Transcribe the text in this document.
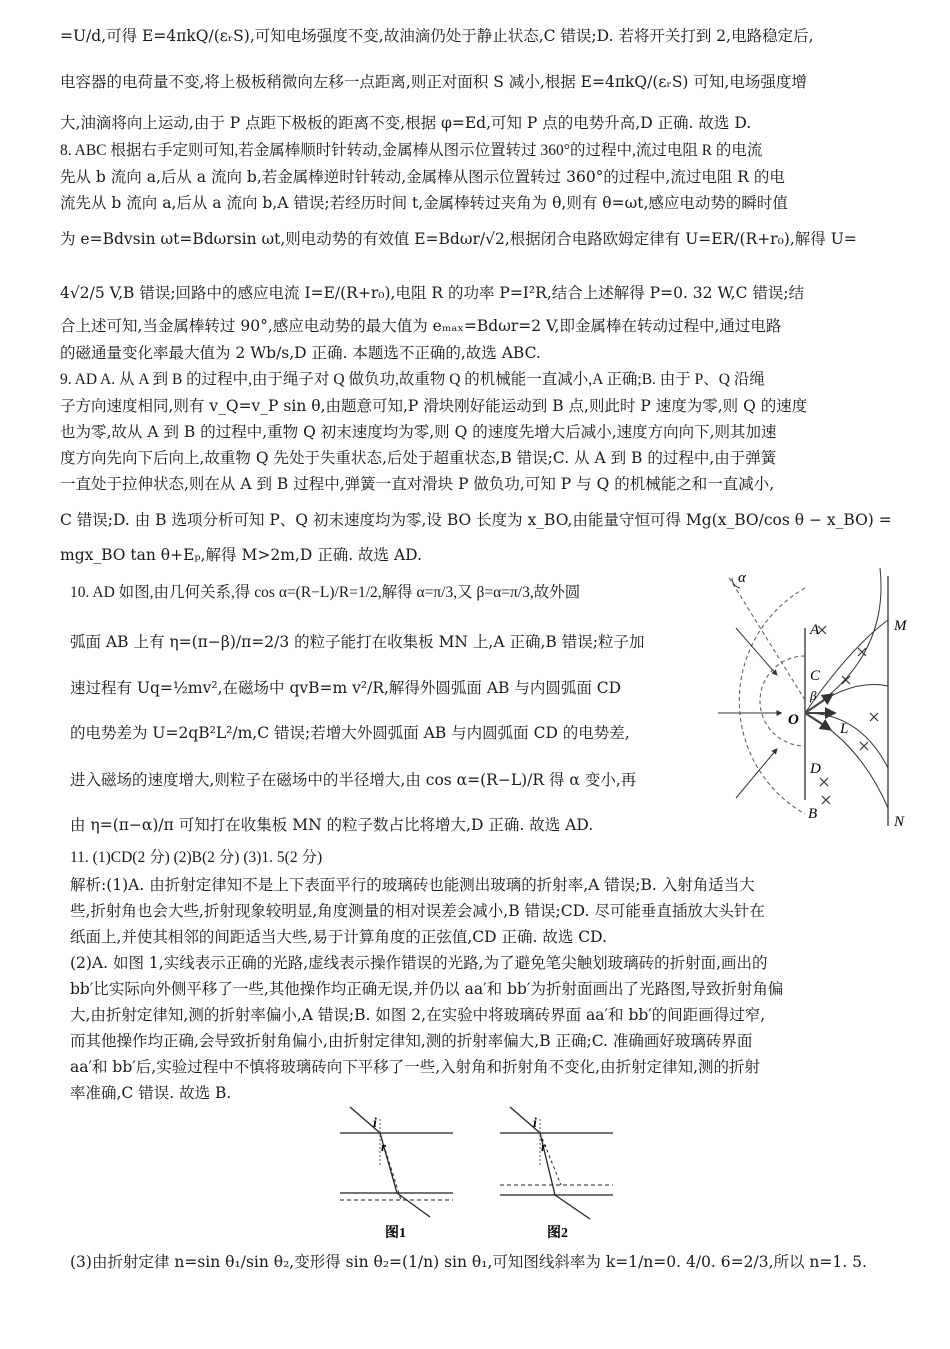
=U/d,可得 E=4πkQ/(εᵣS),可知电场强度不变,故油滴仍处于静止状态,C 错误;D. 若将开关打到 2,电路稳定后,
电容器的电荷量不变,将上极板稍微向左移一点距离,则正对面积 S 减小,根据 E=4πkQ/(εᵣS) 可知,电场强度增
大,油滴将向上运动,由于 P 点距下极板的距离不变,根据 φ=Ed,可知 P 点的电势升高,D 正确. 故选 D.
8. ABC 根据右手定则可知,若金属棒顺时针转动,金属棒从图示位置转过 360°的过程中,流过电阻 R 的电流
先从 b 流向 a,后从 a 流向 b,若金属棒逆时针转动,金属棒从图示位置转过 360°的过程中,流过电阻 R 的电
流先从 b 流向 a,后从 a 流向 b,A 错误;若经历时间 t,金属棒转过夹角为 θ,则有 θ=ωt,感应电动势的瞬时值
为 e=Bdvsin ωt=Bdωrsin ωt,则电动势的有效值 E=Bdωr/√2,根据闭合电路欧姆定律有 U=ER/(R+r₀),解得 U=
4√2/5 V,B 错误;回路中的感应电流 I=E/(R+r₀),电阻 R 的功率 P=I²R,结合上述解得 P=0. 32 W,C 错误;结
合上述可知,当金属棒转过 90°,感应电动势的最大值为 eₘₐₓ=Bdωr=2 V,即金属棒在转动过程中,通过电路
的磁通量变化率最大值为 2 Wb/s,D 正确. 本题选不正确的,故选 ABC.
9. AD A. 从 A 到 B 的过程中,由于绳子对 Q 做负功,故重物 Q 的机械能一直减小,A 正确;B. 由于 P、Q 沿绳
子方向速度相同,则有 v_Q=v_P sin θ,由题意可知,P 滑块刚好能运动到 B 点,则此时 P 速度为零,则 Q 的速度
也为零,故从 A 到 B 的过程中,重物 Q 初末速度均为零,则 Q 的速度先增大后减小,速度方向向下,则其加速
度方向先向下后向上,故重物 Q 先处于失重状态,后处于超重状态,B 错误;C. 从 A 到 B 的过程中,由于弹簧
一直处于拉伸状态,则在从 A 到 B 过程中,弹簧一直对滑块 P 做负功,可知 P 与 Q 的机械能之和一直减小,
C 错误;D. 由 B 选项分析可知 P、Q 初末速度均为零,设 BO 长度为 x_BO,由能量守恒可得 Mg(x_BO/cos θ − x_BO) =
mgx_BO tan θ+Eₚ,解得 M>2m,D 正确. 故选 AD.
10. AD 如图,由几何关系,得 cos α=(R−L)/R=1/2,解得 α=π/3,又 β=α=π/3,故外圆
弧面 AB 上有 η=(π−β)/π=2/3 的粒子能打在收集板 MN 上,A 正确,B 错误;粒子加
速过程有 Uq=½mv²,在磁场中 qvB=m v²/R,解得外圆弧面 AB 与内圆弧面 CD
的电势差为 U=2qB²L²/m,C 错误;若增大外圆弧面 AB 与内圆弧面 CD 的电势差,
进入磁场的速度增大,则粒子在磁场中的半径增大,由 cos α=(R−L)/R 得 α 变小,再
由 η=(π−α)/π 可知打在收集板 MN 的粒子数占比将增大,D 正确. 故选 AD.
11. (1)CD(2 分) (2)B(2 分) (3)1. 5(2 分)
解析:(1)A. 由折射定律知不是上下表面平行的玻璃砖也能测出玻璃的折射率,A 错误;B. 入射角适当大
些,折射角也会大些,折射现象较明显,角度测量的相对误差会减小,B 错误;CD. 尽可能垂直插放大头针在
纸面上,并使其相邻的间距适当大些,易于计算角度的正弦值,CD 正确. 故选 CD.
(2)A. 如图 1,实线表示正确的光路,虚线表示操作错误的光路,为了避免笔尖触划玻璃砖的折射面,画出的
bb′比实际向外侧平移了一些,其他操作均正确无误,并仍以 aa′和 bb′为折射面画出了光路图,导致折射角偏
大,由折射定律知,测的折射率偏小,A 错误;B. 如图 2,在实验中将玻璃砖界面 aa′和 bb′的间距画得过窄,
而其他操作均正确,会导致折射角偏小,由折射定律知,测的折射率偏大,B 正确;C. 准确画好玻璃砖界面
aa′和 bb′后,实验过程中不慎将玻璃砖向下平移了一些,入射角和折射角不变化,由折射定律知,测的折射
率准确,C 错误. 故选 B.
(3)由折射定律 n=sin θ₁/sin θ₂,变形得 sin θ₂=(1/n) sin θ₁,可知图线斜率为 k=1/n=0. 4/0. 6=2/3,所以 n=1. 5.
α
A
C
β
O
L
D
B
M
N
i
r
图1
i
r
图2
